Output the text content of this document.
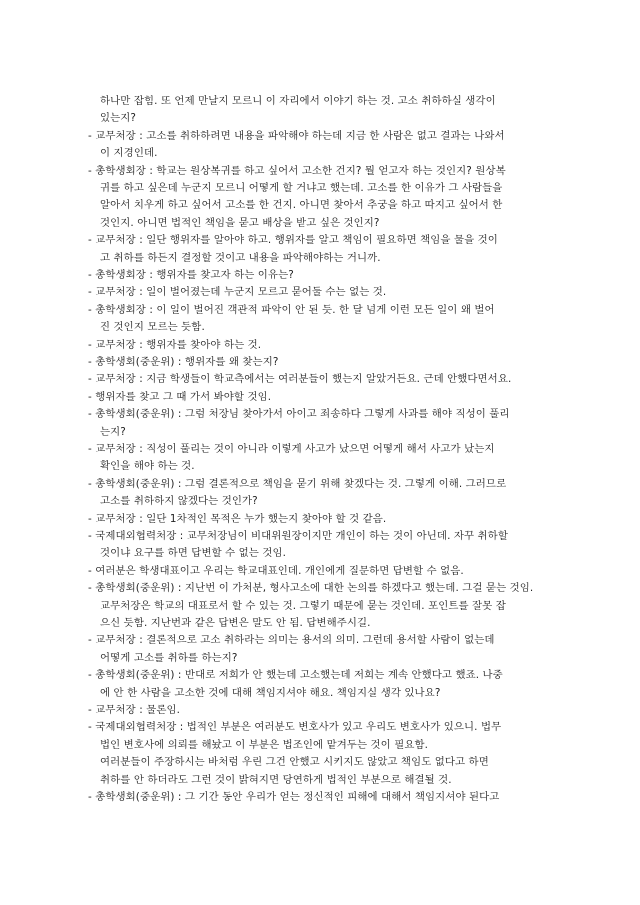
하나만 잡힘. 또 언제 만날지 모르니 이 자리에서 이야기 하는 것. 고소 취하하실 생각이
있는지?
- 교무처장 : 고소를 취하하려면 내용을 파악해야 하는데 지금 한 사람은 없고 결과는 나와서
이 지경인데.
- 총학생회장 : 학교는 원상복귀를 하고 싶어서 고소한 건지? 뭘 얻고자 하는 것인지? 원상복
귀를 하고 싶은데 누군지 모르니 어떻게 할 거냐고 했는데. 고소를 한 이유가 그 사람들을
알아서 치우게 하고 싶어서 고소를 한 건지. 아니면 찾아서 추궁을 하고 따지고 싶어서 한
것인지. 아니면 법적인 책임을 묻고 배상을 받고 싶은 것인지?
- 교무처장 : 일단 행위자를 알아야 하고. 행위자를 알고 책임이 필요하면 책임을 물을 것이
고 취하를 하든지 결정할 것이고 내용을 파악해야하는 거니까.
- 총학생회장 : 행위자를 찾고자 하는 이유는?
- 교무처장 : 일이 벌어졌는데 누군지 모르고 묻어둘 수는 없는 것.
- 총학생회장 : 이 일이 벌어진 객관적 파악이 안 된 듯. 한 달 넘게 이런 모든 일이 왜 벌어
진 것인지 모르는 듯함.
- 교무처장 : 행위자를 찾아야 하는 것.
- 총학생회(중운위) : 행위자를 왜 찾는지?
- 교무처장 : 지금 학생들이 학교측에서는 여러분들이 했는지 알았거든요. 근데 안했다면서요.
- 행위자를 찾고 그 때 가서 봐야할 것임.
- 총학생회(중운위) : 그럼 처장님 찾아가서 아이고 죄송하다 그렇게 사과를 해야 직성이 풀리
는지?
- 교무처장 : 직성이 풀리는 것이 아니라 이렇게 사고가 났으면 어떻게 해서 사고가 났는지
확인을 해야 하는 것.
- 총학생회(중운위) : 그럼 결론적으로 책임을 묻기 위해 찾겠다는 것. 그렇게 이해. 그러므로
고소를 취하하지 않겠다는 것인가?
- 교무처장 : 일단 1차적인 목적은 누가 했는지 찾아야 할 것 같음.
- 국제대외협력처장 : 교무처장님이 비대위원장이지만 개인이 하는 것이 아닌데. 자꾸 취하할
것이냐 요구를 하면 답변할 수 없는 것임.
- 여러분은 학생대표이고 우리는 학교대표인데. 개인에게 질문하면 답변할 수 없음.
- 총학생회(중운위) : 지난번 이 가처분, 형사고소에 대한 논의를 하겠다고 했는데. 그걸 묻는 것임.
교무처장은 학교의 대표로서 할 수 있는 것. 그렇기 때문에 묻는 것인데. 포인트를 잘못 잡
으신 듯함. 지난번과 같은 답변은 말도 안 됨. 답변해주시길.
- 교무처장 : 결론적으로 고소 취하라는 의미는 용서의 의미. 그런데 용서할 사람이 없는데
어떻게 고소를 취하를 하는지?
- 총학생회(중운위) : 반대로 저희가 안 했는데 고소했는데 저희는 계속 안했다고 했죠. 나중
에 안 한 사람을 고소한 것에 대해 책임지셔야 해요. 책임지실 생각 있나요?
- 교무처장 : 물론임.
- 국제대외협력처장 : 법적인 부분은 여러분도 변호사가 있고 우리도 변호사가 있으니. 법무
법인 변호사에 의뢰를 해놨고 이 부분은 법조인에 맡겨두는 것이 필요함.
여러분들이 주장하시는 바처럼 우린 그건 안했고 시키지도 않았고 책임도 없다고 하면
취하를 안 하더라도 그런 것이 밝혀지면 당연하게 법적인 부분으로 해결될 것.
- 총학생회(중운위) : 그 기간 동안 우리가 얻는 정신적인 피해에 대해서 책임지셔야 된다고
